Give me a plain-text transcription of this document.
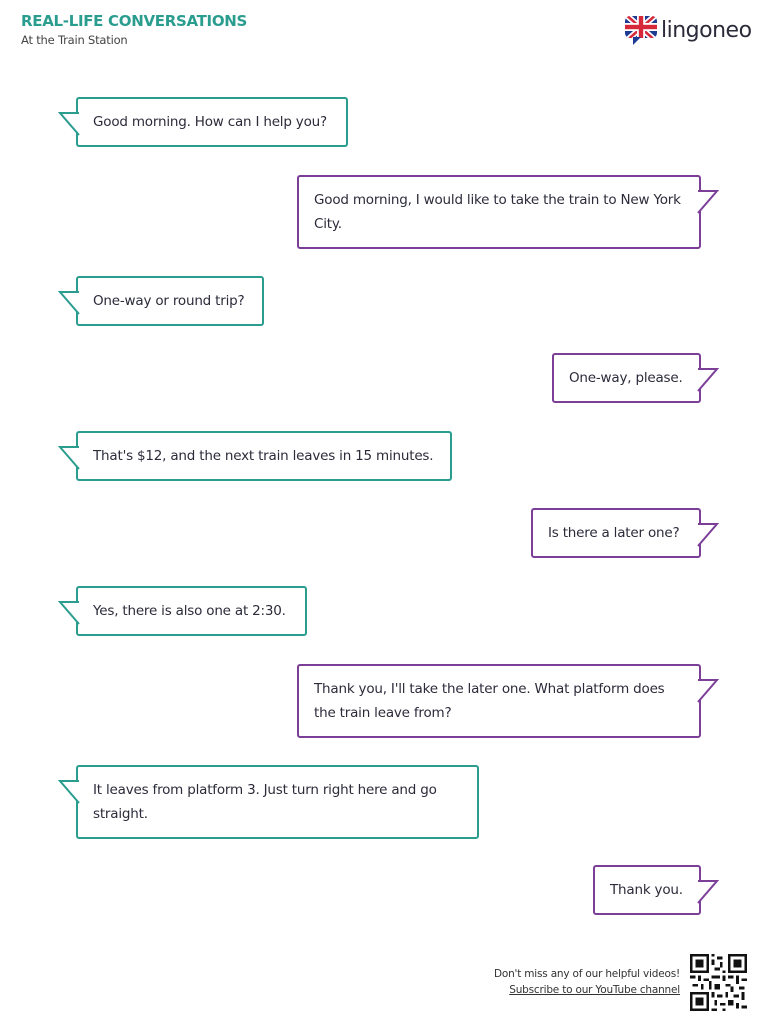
REAL-LIFE CONVERSATIONS
At the Train Station	lingoneo
Good morning. How can I help you?
Good morning, I would like to take the train to New York City.
One-way or round trip?
One-way, please.
That's $12, and the next train leaves in 15 minutes.
Is there a later one?
Yes, there is also one at 2:30.
Thank you, I'll take the later one. What platform does the train leave from?
It leaves from platform 3. Just turn right here and go straight.
Thank you.
Don't miss any of our helpful videos!
Subscribe to our YouTube channel
